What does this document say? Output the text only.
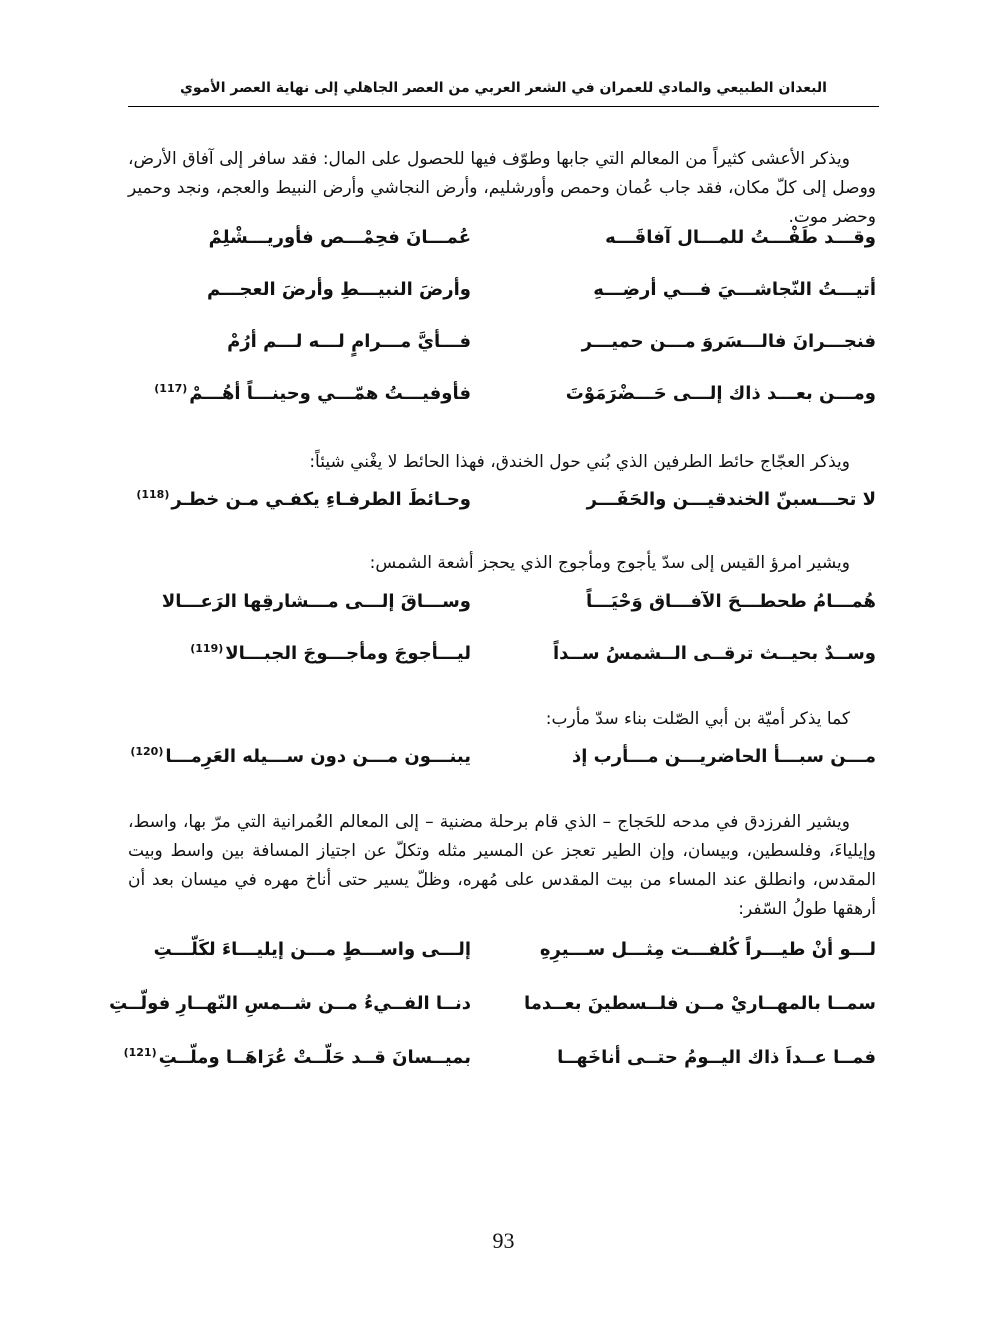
البعدان الطبيعي والمادي للعمران في الشعر العربي من العصر الجاهلي إلى نهاية العصر الأموي
ويذكر الأعشى كثيراً من المعالم التي جابها وطوّف فيها للحصول على المال: فقد سافر إلى آفاق الأرض، ووصل إلى كلّ مكان، فقد جاب عُمان وحمص وأورشليم، وأرض النجاشي وأرض النبيط والعجم، ونجد وحمير وحضر موت.
وقـــد طَفْـــتُ للمـــال آفاقَـــه
عُمـــانَ فحِمْـــص فأوريـــشْلِمْ
أتيـــتُ النّجاشـــيَ فـــي أرضِـــهِ
وأرضَ النبيـــطِ وأرضَ العجـــم
فنجـــرانَ فالـــسَروَ مـــن حميـــر
فـــأيَّ مـــرامٍ لـــه لـــم أرُمْ
ومـــن بعـــد ذاك إلـــى حَـــضْرَمَوْتَ
فأوفيـــتُ همّـــي وحينـــاً أهُـــمْ$^{(117)}$
ويذكر العجّاج حائط الطرفين الذي بُني حول الخندق، فهذا الحائط لا يغْني شيئاً:
لا تحـــسبنّ الخندقيـــن والحَفَـــر
وحـائطَ الطرفـاءِ يكفـي مـن خطـر$^{(118)}$
ويشير امرؤ القيس إلى سدّ يأجوج ومأجوج الذي يحجز أشعة الشمس:
هُمـــامُ طحطـــحَ الآفـــاق وَحْيَـــاً
وســـاقَ إلـــى مـــشارقِها الرَعـــالا
وســدٌ بحيــث ترقــى الــشمسُ ســداً
ليـــأجوجَ ومأجـــوجَ الجبـــالا$^{(119)}$
كما يذكر أميّة بن أبي الصّلت بناء سدّ مأرب:
مـــن سبـــأ الحاضريـــن مـــأرب إذ
يبنـــون مـــن دون ســـيله العَرِمـــا$^{(120)}$
ويشير الفرزدق في مدحه للحَجاج – الذي قام برحلة مضنية – إلى المعالم العُمرانية التي مرّ بها، واسط، وإيلياءَ، وفلسطين، وبيسان، وإن الطير تعجز عن المسير مثله وتكلّ عن اجتياز المسافة بين واسط وبيت المقدس، وانطلق عند المساء من بيت المقدس على مُهره، وظلّ يسير حتى أناخ مهره في ميسان بعد أن أرهقها طولُ السّفر:
لـــو أنْ طيـــراً كُلفـــت مِثـــل ســـيرِهِ
إلـــى واســـطٍ مـــن إيليـــاءَ لكَلّـــتِ
سمــا بالمهــاريْ مــن فلــسطينَ بعــدما
دنــا الفــيءُ مــن شــمسِ النّهــارِ فولّــتِ
فمــا عــداَ ذاك اليــومُ حتــى أناخَهــا
بميــسانَ قــد حَلّــتْ عُرَاهَــا وملّــتِ$^{(121)}$
93
